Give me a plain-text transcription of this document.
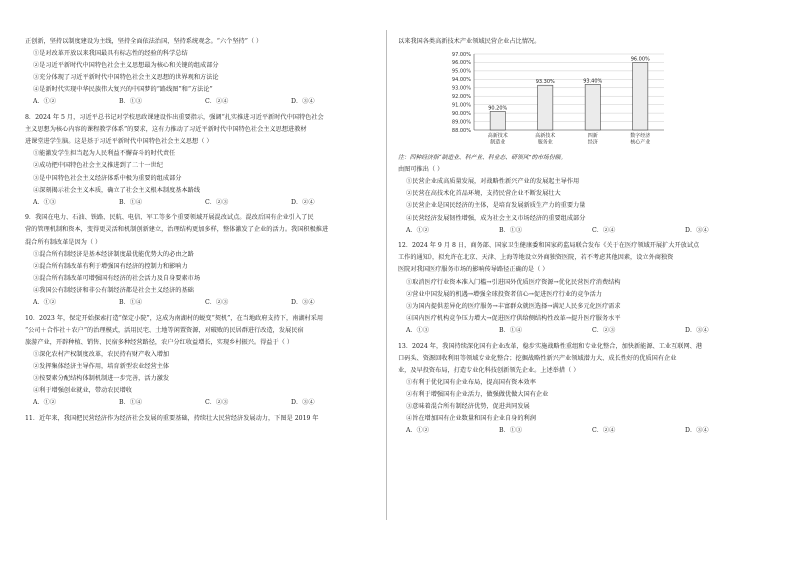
正创新，坚持以制度建设为主线，坚持全面依法治国，坚持系统观念。“六个坚持”（ ）
①是对改革开放以来我国最具有标志性的经验的科学总结
②是习近平新时代中国特色社会主义思想最为核心和关键的组成部分
③充分体现了习近平新时代中国特色社会主义思想的世界观和方法论
④是新时代实现中华民族伟大复兴的中国梦的“路线图”和“方法论”
A．①②	B．①③	C．②④	D．③④
8．2024 年 5 月，习近平总书记对学校思政课建设作出重要指示，强调“扎实推进习近平新时代中国特色社会
主义思想为核心内容的课程教学体系”的要求，这有力推动了习近平新时代中国特色社会主义思想进教材
进课堂进学生脑。这是基于习近平新时代中国特色社会主义思想（ ）
①能激发学生担当起为人民利益不懈奋斗的时代责任
②成功把中国特色社会主义推进到了二十一世纪
③是中国特色社会主义经济体系中极为重要的组成部分
④深刻揭示社会主义本质，确立了社会主义根本制度基本路线
A．①③	B．①④	C．②③	D．②④
9．我国在电力、石油、铁路、民航、电信、军工等多个重要领域开展混改试点。混改后国有企业引入了民
营的管理机制和资本，变得更灵活和机制创新建立，治理结构更加多样，整体激发了企业的活力。我国积极推进
混合所有制改革是因为（ ）
①混合所有制经济是基本经济制度最优能优势大的必由之路
②混合所有制改革有利于增强国有经济的控制力和影响力
③混合所有制改革可增强国有经济的社会活力及自身要素市场
④我国公有制经济和非公有制经济都是社会主义经济的基础
A．①②	B．①④	C．②③	D．③④
10．2023 年，保定开始探索打造“保定小院”，这成为南湖村的蜕变“契机”，在当地政府支持下，南湖村采用
“公司＋合作社＋农户”的治理模式，活用民宅、土地等闲置资源，对破败的民居群进行改造，发展民宿
旅游产业，开辟种植、销售、民宿多种经营路径，农户分红收益增长，实现乡村振兴。得益于（ ）
①深化农村产权制度改革，农民持有财产收入增加
②发挥集体经济主导作用，培育新型农业经营主体
③按要素分配结构体制机制进一步完善，活力激发
④利于增强创业就业，带动农民增收
A．①②	B．①④	C．②③	D．③④
11．近年来，我国把民营经济作为经济社会发展的重要基础，持续壮大民营经济发展动力，下图是 2019 年
以来我国各类高新技术产业领域民营企业占比情况。
88.00%
89.00%
90.00%
91.00%
92.00%
93.00%
94.00%
95.00%
96.00%
97.00%
90.20%
高新技术
制造业
93.30%
高新技术
服务业
93.40%
四新
经济
96.00%
数字经济
核心产业
注：四种经济指“制造业、科产业、科业态、研领风”的市场份额。
由图可推出（ ）
①民营企业成高质量发展，对战略性新兴产业的发展起主导作用
②民营在高技术化首品环境，支持民营企业不断发展壮大
③民营企业是国民经济的主体，是培育发展新质生产力的重要力量
④民营经济发展韧性增强，成为社会主义市场经济的重要组成部分
A．①②	B．①③	C．②④	D．③④
12．2024 年 9 月 8 日，商务部、国家卫生健康委和国家药监局联合发布《关于在医疗领域开展扩大开放试点
工作的通知》，拟允许在北京、天津、上海等地设立外商独资医院，若不考虑其他因素，设立外商独资
医院对我国医疗服务市场的影响传导路径正确的是（ ）
①取消医疗行业资本准入门槛→引进国外优质医疗资源→优化民营医疗消费结构
②营业中国发展的机遇→增强全球投资者信心→促进医疗行业的竞争活力
③为国内提供差异化的医疗服务→丰富群众就医选择→满足人民多元化医疗需求
④国内医疗机构竞争压力增大→促进医疗供给侧结构性改革→提升医疗服务水平
A．①③	B．①④	C．②③	D．③④
13．2024 年，我国持续深化国有企业改革，稳步实施战略性重组和专业化整合，加快新能源、工业互联网、港
口码头、资源回收利用等领域专业化整合；挖掘战略性新兴产业领域潜力大、成长性好的优质国有企业
业，及早投资布局，打造专业化科技创新领先企业。上述举措（ ）
①有利于优化国有企业布局，提高国有资本效率
②有利于增强国有企业活力，做强做优做大国有企业
③意味着混合所有制经济优势，促进共同发展
④旨在增加国有企业数量和国有企业自身的利润
A．①②	B．①③	C．②④	D．③④
